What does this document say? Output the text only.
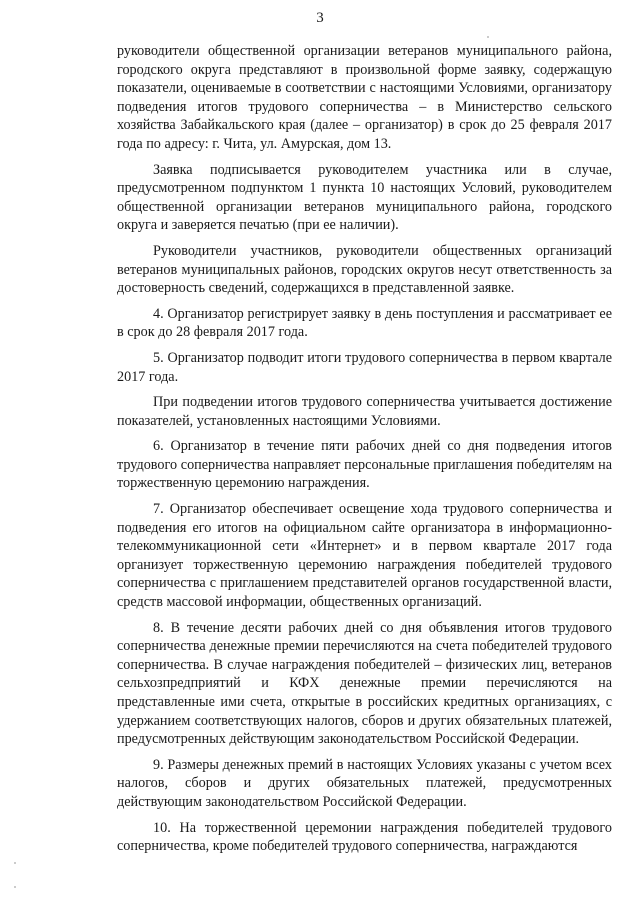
3

руководители общественной организации ветеранов муниципального района, городского округа представляют в произвольной форме заявку, содержащую показатели, оцениваемые в соответствии с настоящими Условиями, организатору подведения итогов трудового соперничества – в Министерство сельского хозяйства Забайкальского края (далее – организатор) в срок до 25 февраля 2017 года по адресу: г. Чита, ул. Амурская, дом 13.

Заявка подписывается руководителем участника или в случае, предусмотренном подпунктом 1 пункта 10 настоящих Условий, руководителем общественной организации ветеранов муниципального района, городского округа и заверяется печатью (при ее наличии).

Руководители участников, руководители общественных организаций ветеранов муниципальных районов, городских округов несут ответственность за достоверность сведений, содержащихся в представленной заявке.

4. Организатор регистрирует заявку в день поступления и рассматривает ее в срок до 28 февраля 2017 года.

5. Организатор подводит итоги трудового соперничества в первом квартале 2017 года.

При подведении итогов трудового соперничества учитывается достижение показателей, установленных настоящими Условиями.

6. Организатор в течение пяти рабочих дней со дня подведения итогов трудового соперничества направляет персональные приглашения победителям на торжественную церемонию награждения.

7. Организатор обеспечивает освещение хода трудового соперничества и подведения его итогов на официальном сайте организатора в информационно-телекоммуникационной сети «Интернет» и в первом квартале 2017 года организует торжественную церемонию награждения победителей трудового соперничества с приглашением представителей органов государственной власти, средств массовой информации, общественных организаций.

8. В течение десяти рабочих дней со дня объявления итогов трудового соперничества денежные премии перечисляются на счета победителей трудового соперничества. В случае награждения победителей – физических лиц, ветеранов сельхозпредприятий и КФХ денежные премии перечисляются на представленные ими счета, открытые в российских кредитных организациях, с удержанием соответствующих налогов, сборов и других обязательных платежей, предусмотренных действующим законодательством Российской Федерации.

9. Размеры денежных премий в настоящих Условиях указаны с учетом всех налогов, сборов и других обязательных платежей, предусмотренных действующим законодательством Российской Федерации.

10. На торжественной церемонии награждения победителей трудового соперничества, кроме победителей трудового соперничества, награждаются
